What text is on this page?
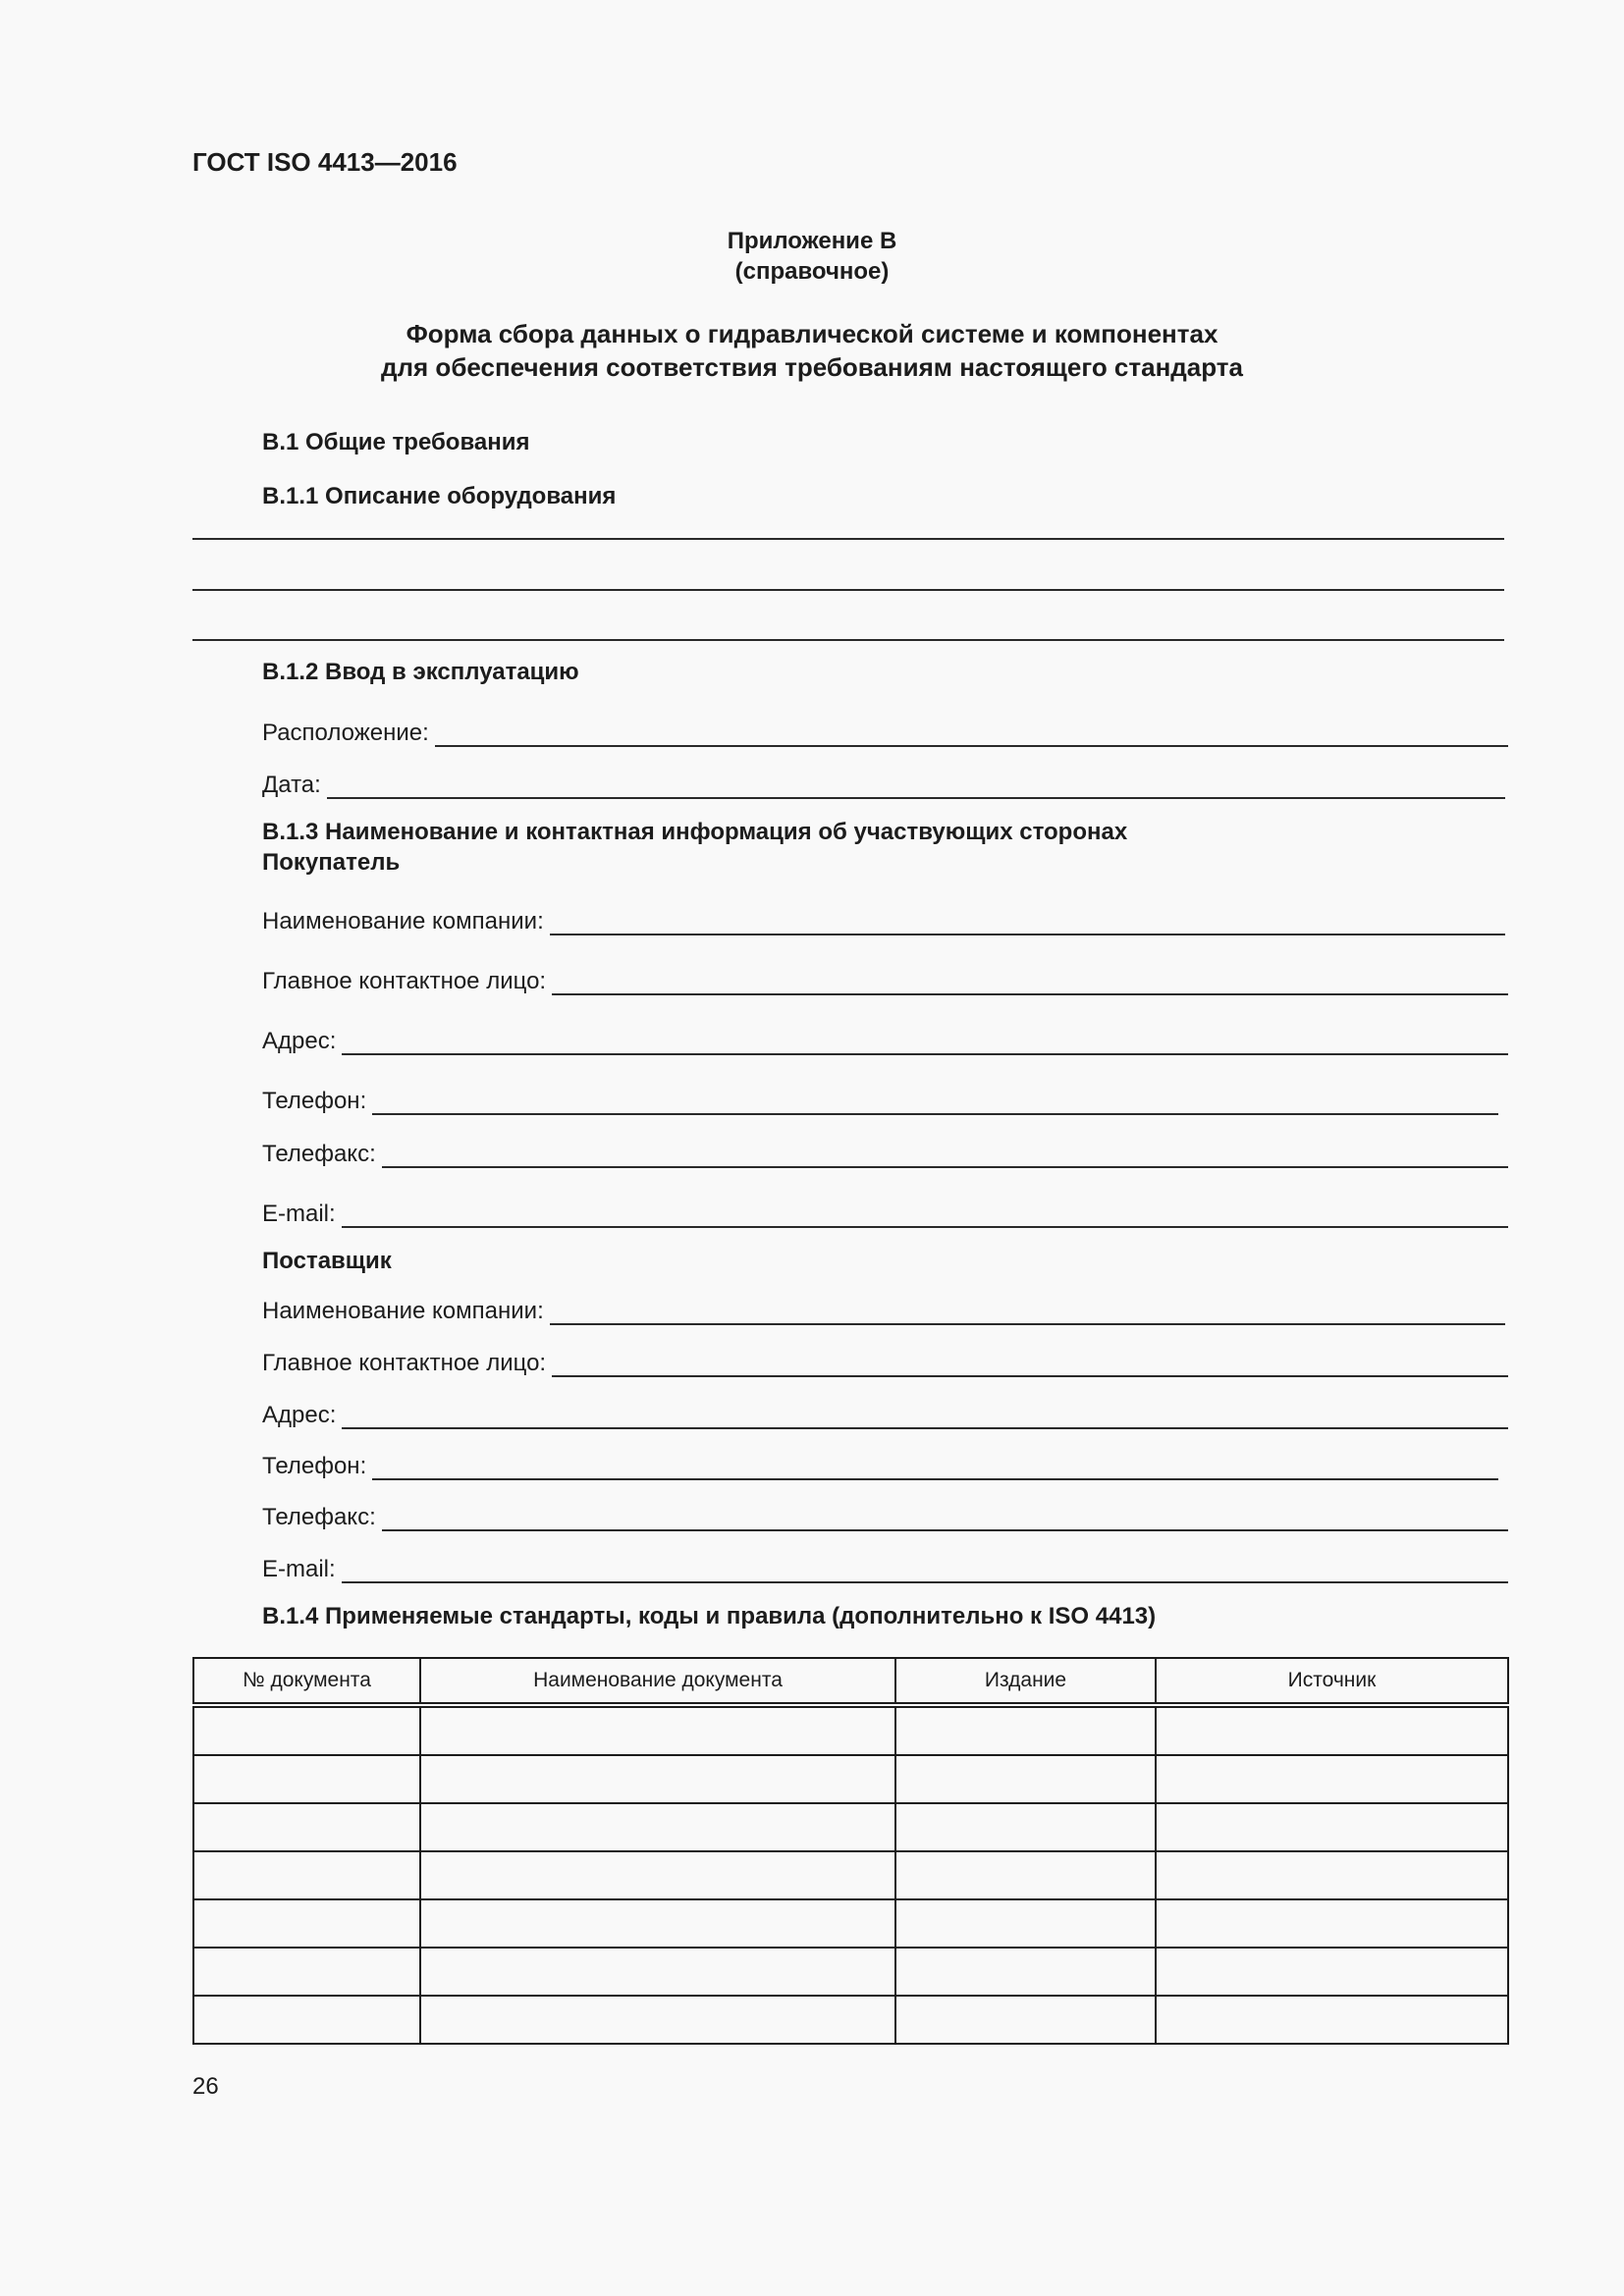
ГОСТ ISO 4413—2016
Приложение В
(справочное)
Форма сбора данных о гидравлической системе и компонентах
для обеспечения соответствия требованиям настоящего стандарта
В.1 Общие требования
В.1.1 Описание оборудования
В.1.2 Ввод в эксплуатацию
Расположение:
Дата:
В.1.3 Наименование и контактная информация об участвующих сторонах
Покупатель
Наименование компании:
Главное контактное лицо:
Адрес:
Телефон:
Телефакс:
E-mail:
Поставщик
Наименование компании:
Главное контактное лицо:
Адрес:
Телефон:
Телефакс:
E-mail:
В.1.4 Применяемые стандарты, коды и правила (дополнительно к ISO 4413)
№ документа	Наименование документа	Издание	Источник

26
